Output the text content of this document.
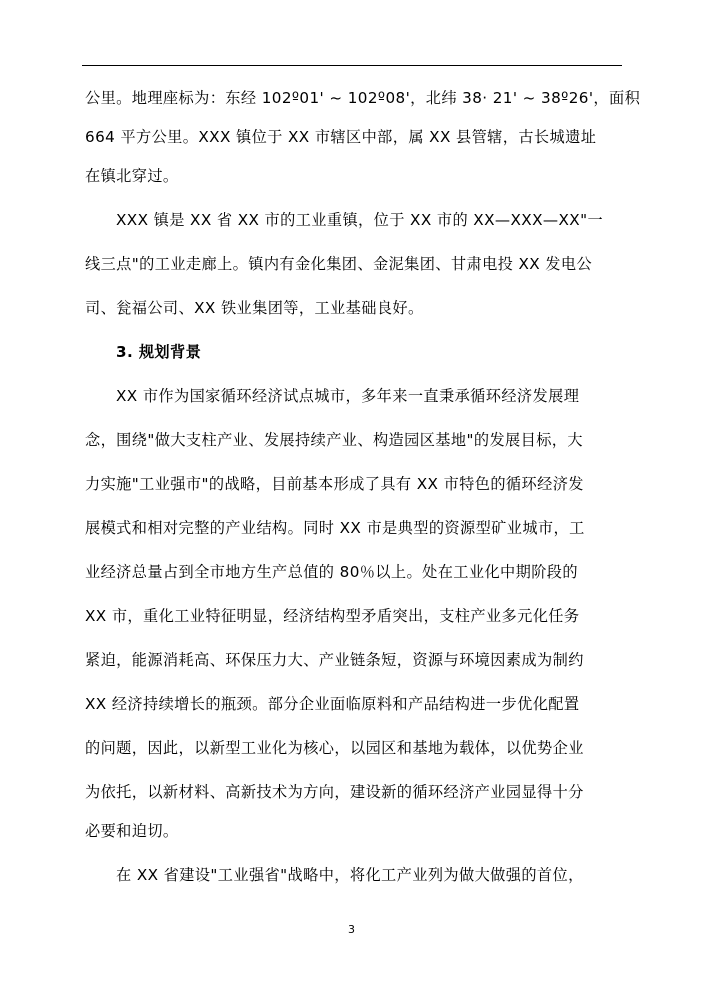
公里。地理座标为：东经 102º01' ~ 102º08'，北纬 38· 21' ~ 38º26'，面积
664 平方公里。XXX 镇位于 XX 市辖区中部，属 XX 县管辖，古长城遗址
在镇北穿过。
XXX 镇是 XX 省 XX 市的工业重镇，位于 XX 市的 XX—XXX—XX"一
线三点"的工业走廊上。镇内有金化集团、金泥集团、甘肃电投 XX 发电公
司、瓮福公司、XX 铁业集团等，工业基础良好。
3. 规划背景
XX 市作为国家循环经济试点城市，多年来一直秉承循环经济发展理
念，围绕"做大支柱产业、发展持续产业、构造园区基地"的发展目标，大
力实施"工业强市"的战略，目前基本形成了具有 XX 市特色的循环经济发
展模式和相对完整的产业结构。同时 XX 市是典型的资源型矿业城市，工
业经济总量占到全市地方生产总值的 80％以上。处在工业化中期阶段的
XX 市，重化工业特征明显，经济结构型矛盾突出，支柱产业多元化任务
紧迫，能源消耗高、环保压力大、产业链条短，资源与环境因素成为制约
XX 经济持续增长的瓶颈。部分企业面临原料和产品结构进一步优化配置
的问题，因此，以新型工业化为核心，以园区和基地为载体，以优势企业
为依托，以新材料、高新技术为方向，建设新的循环经济产业园显得十分
必要和迫切。
在 XX 省建设"工业强省"战略中，将化工产业列为做大做强的首位，
3
